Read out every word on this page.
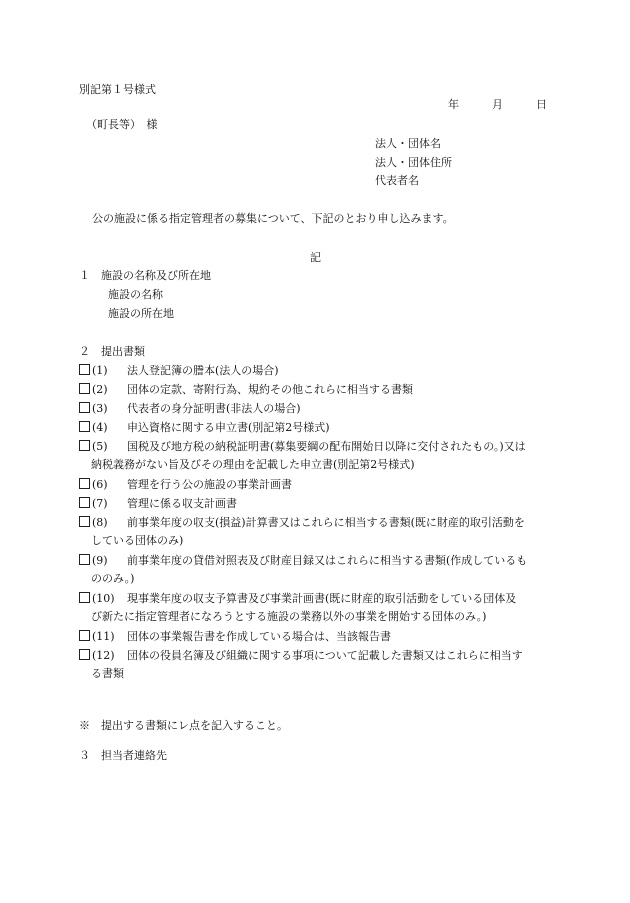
別記第１号様式
年	月	日
（町長等）　様
法人・団体名
法人・団体住所
代表者名
公の施設に係る指定管理者の募集について、下記のとおり申し込みます。
記
１　施設の名称及び所在地
施設の名称
施設の所在地
２　提出書類
(1)	法人登記簿の謄本(法人の場合)
(2)	団体の定款、寄附行為、規約その他これらに相当する書類
(3)	代表者の身分証明書(非法人の場合)
(4)	申込資格に関する申立書(別記第2号様式)
(5)	国税及び地方税の納税証明書(募集要綱の配布開始日以降に交付されたもの。)又は
納税義務がない旨及びその理由を記載した申立書(別記第2号様式)
(6)	管理を行う公の施設の事業計画書
(7)	管理に係る収支計画書
(8)	前事業年度の収支(損益)計算書又はこれらに相当する書類(既に財産的取引活動を
している団体のみ)
(9)	前事業年度の貸借対照表及び財産目録又はこれらに相当する書類(作成しているも
ののみ。)
(10)	現事業年度の収支予算書及び事業計画書(既に財産的取引活動をしている団体及
び新たに指定管理者になろうとする施設の業務以外の事業を開始する団体のみ。)
(11)	団体の事業報告書を作成している場合は、当該報告書
(12)	団体の役員名簿及び組織に関する事項について記載した書類又はこれらに相当す
る書類
※　提出する書類にレ点を記入すること。
３　担当者連絡先
